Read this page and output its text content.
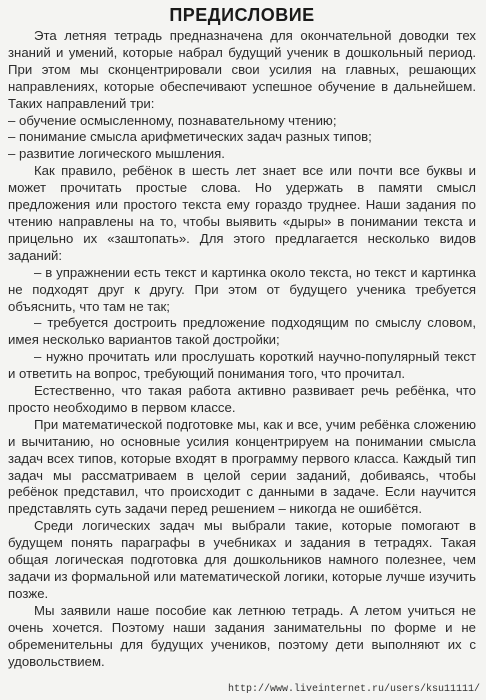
ПРЕДИСЛОВИЕ

Эта летняя тетрадь предназначена для окончательной доводки тех знаний и умений, которые набрал будущий ученик в дошкольный период. При этом мы сконцентрировали свои усилия на главных, решающих направлениях, которые обеспечивают успешное обучение в дальнейшем. Таких направлений три:

– обучение осмысленному, познавательному чтению;

– понимание смысла арифметических задач разных типов;

– развитие логического мышления.

Как правило, ребёнок в шесть лет знает все или почти все буквы и может прочитать простые слова. Но удержать в памяти смысл предложения или простого текста ему гораздо труднее. Наши задания по чтению направлены на то, чтобы выявить «дыры» в понимании текста и прицельно их «заштопать». Для этого предлагается несколько видов заданий:

– в упражнении есть текст и картинка около текста, но текст и картинка не подходят друг к другу. При этом от будущего ученика требуется объяснить, что там не так;

– требуется достроить предложение подходящим по смыслу словом, имея несколько вариантов такой достройки;

– нужно прочитать или прослушать короткий научно-популярный текст и ответить на вопрос, требующий понимания того, что прочитал.

Естественно, что такая работа активно развивает речь ребёнка, что просто необходимо в первом классе.

При математической подготовке мы, как и все, учим ребёнка сложению и вычитанию, но основные усилия концентрируем на понимании смысла задач всех типов, которые входят в программу первого класса. Каждый тип задач мы рассматриваем в целой серии заданий, добиваясь, чтобы ребёнок представил, что происходит с данными в задаче. Если научится представлять суть задачи перед решением – никогда не ошибётся.

Среди логических задач мы выбрали такие, которые помогают в будущем понять параграфы в учебниках и задания в тетрадях. Такая общая логическая подготовка для дошкольников намного полезнее, чем задачи из формальной или математической логики, которые лучше изучить позже.

Мы заявили наше пособие как летнюю тетрадь. А летом учиться не очень хочется. Поэтому наши задания занимательны по форме и не обременительны для будущих учеников, поэтому дети выполняют их с удовольствием.

http://www.liveinternet.ru/users/ksu11111/
